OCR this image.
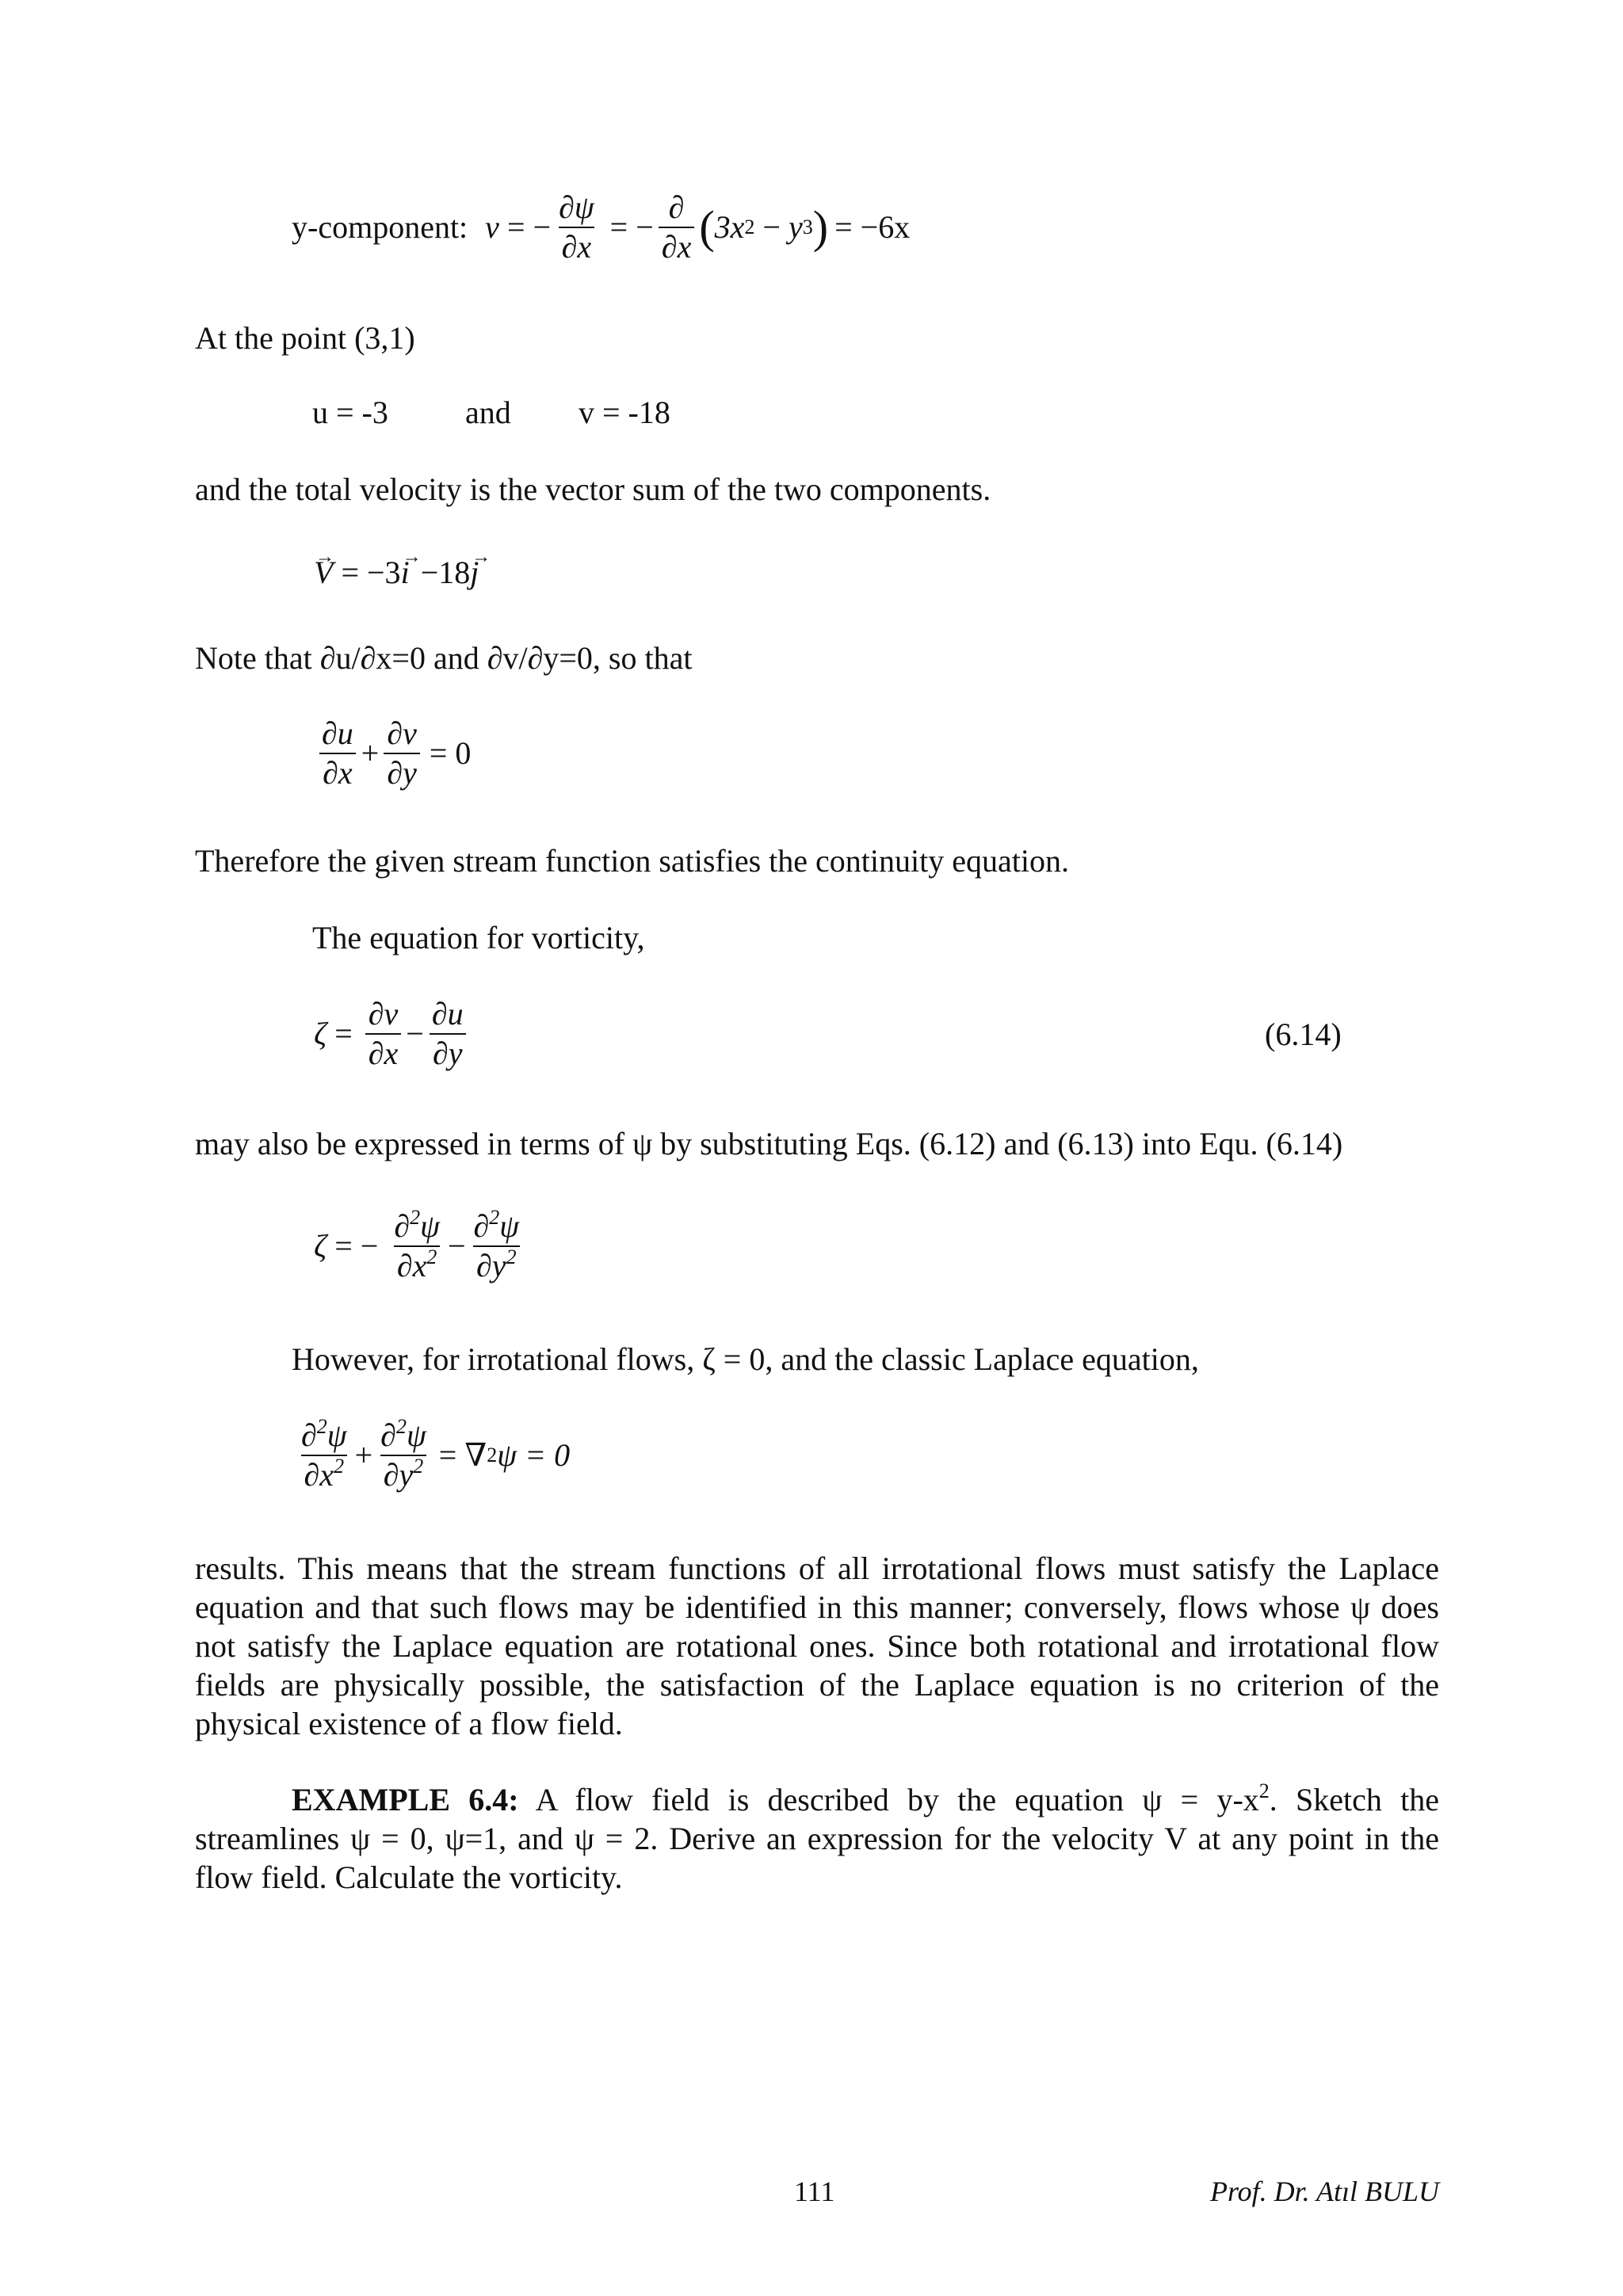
y-component: v = − $\frac{\partial\psi}{\partial x}$ = − $\frac{\partial}{\partial x}$ ( 3x 2 − y 3 ) = −6x
At the point (3,1)
u = -3 and v = -18
and the total velocity is the vector sum of the two components.
→ V = −3 → i −18 → j
Note that ∂u/∂x=0 and ∂v/∂y=0, so that
$\frac{\partial u}{\partial x} + \frac{\partial v}{\partial y} = 0$
Therefore the given stream function satisfies the continuity equation.
The equation for vorticity,
$\zeta = \frac{\partial v}{\partial x} - \frac{\partial u}{\partial y}$	(6.14)
may also be expressed in terms of ψ by substituting Eqs. (6.12) and (6.13) into Equ. (6.14)
ζ = − $\frac{\partial^2\psi}{\partial x^2} - \frac{\partial^2\psi}{\partial y^2}$
However, for irrotational flows, ζ = 0, and the classic Laplace equation,
$\frac{\partial^2\psi}{\partial x^2} + \frac{\partial^2\psi}{\partial y^2}$ = ∇ 2 ψ = 0
results. This means that the stream functions of all irrotational flows must satisfy the Laplace equation and that such flows may be identified in this manner; conversely, flows whose ψ does not satisfy the Laplace equation are rotational ones. Since both rotational and irrotational flow fields are physically possible, the satisfaction of the Laplace equation is no criterion of the physical existence of a flow field.
EXAMPLE 6.4: A flow field is described by the equation $\psi = y-x^2$. Sketch the streamlines ψ = 0, ψ=1, and ψ = 2. Derive an expression for the velocity V at any point in the flow field. Calculate the vorticity.
111	Prof. Dr. Atıl BULU
